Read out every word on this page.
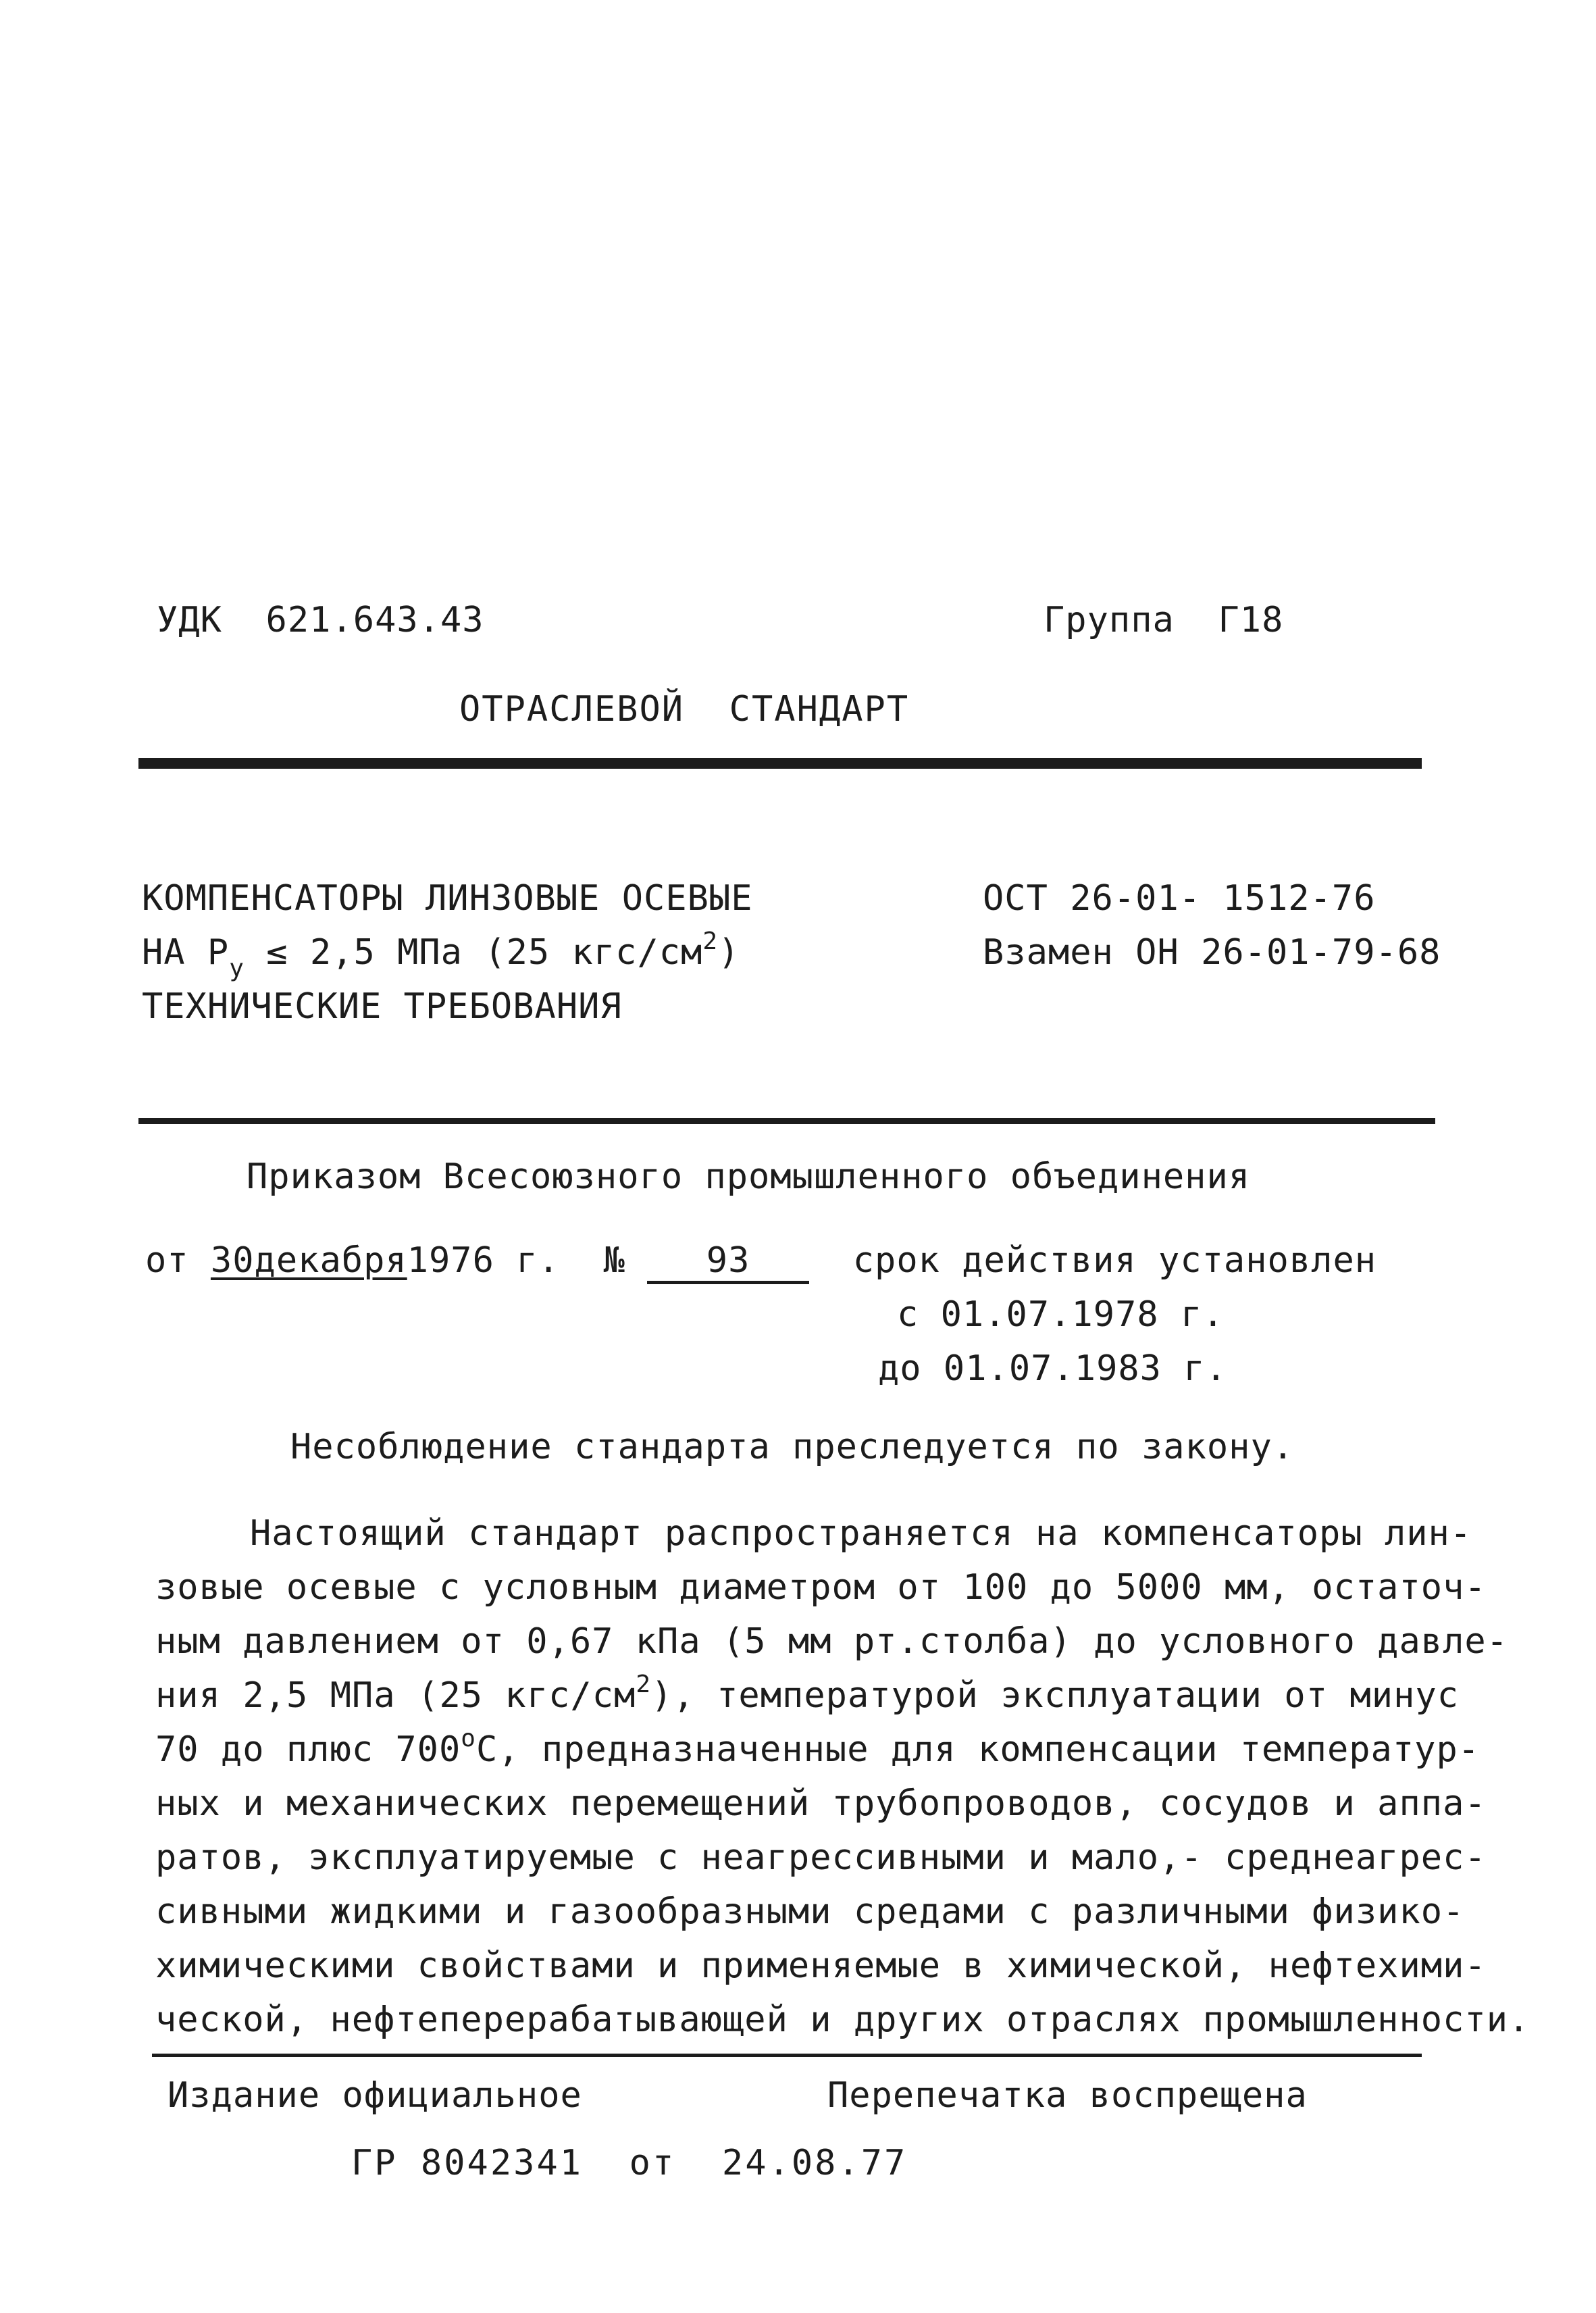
УДК  621.643.43	Группа  Г18
ОТРАСЛЕВОЙ  СТАНДАРТ
КОМПЕНСАТОРЫ ЛИНЗОВЫЕ ОСЕВЫЕ
НА $Р_у \le 2,5$ МПа (25 кгс/$см^2$)
ТЕХНИЧЕСКИЕ ТРЕБОВАНИЯ
ОСТ 26-01- 1512-76
Взамен ОН 26-01-79-68
Приказом Всесоюзного промышленного объединения
от 30декабря1976 г. № 93	срок действия установлен
с 01.07.1978 г.
до 01.07.1983 г.
Несоблюдение стандарта преследуется по закону.
Настоящий стандарт распространяется на компенсаторы лин-
зовые осевые с условным диаметром от 100 до 5000 мм, остаточ-
ным давлением от 0,67 кПа (5 мм рт.столба) до условного давле-
ния 2,5 МПа (25 кгс/$см^2$), температурой эксплуатации от минус
70 до плюс $700^оС$, предназначенные для компенсации температур-
ных и механических перемещений трубопроводов, сосудов и аппа-
ратов, эксплуатируемые с неагрессивными и мало,- среднеагрес-
сивными жидкими и газообразными средами с различными физико-
химическими свойствами и применяемые в химической, нефтехими-
ческой, нефтеперерабатывающей и других отраслях промышленности.
Издание официальное	Перепечатка воспрещена
ГР 8042341  от  24.08.77
